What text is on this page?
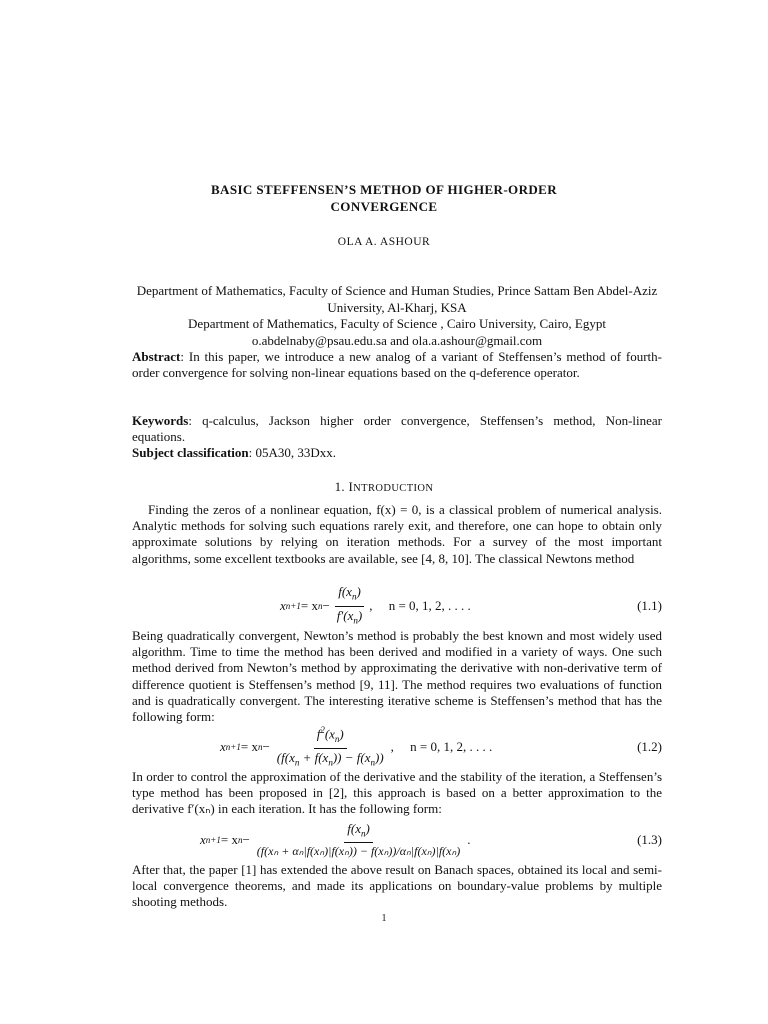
BASIC STEFFENSEN’S METHOD OF HIGHER-ORDER
CONVERGENCE
OLA A. ASHOUR
Department of Mathematics, Faculty of Science and Human Studies, Prince Sattam Ben Abdel-Aziz University, Al-Kharj, KSA
Department of Mathematics, Faculty of Science , Cairo University, Cairo, Egypt
o.abdelnaby@psau.edu.sa and ola.a.ashour@gmail.com

Abstract: In this paper, we introduce a new analog of a variant of Steffensen’s method of fourth-order convergence for solving non-linear equations based on the q-deference operator.

Keywords: q-calculus, Jackson higher order convergence, Steffensen’s method, Non-linear equations.

Subject classification: 05A30, 33Dxx.

1. INTRODUCTION

Finding the zeros of a nonlinear equation, f(x) = 0, is a classical problem of numerical analysis. Analytic methods for solving such equations rarely exit, and therefore, one can hope to obtain only approximate solutions by relying on iteration methods. For a survey of the most important algorithms, some excellent textbooks are available, see [4, 8, 10]. The classical Newtons method

x n+1 = x $n - \frac{f(x_n)}{f'(x_n)}$ ,     n = 0, 1, 2, . . . .	(1.1)

Being quadratically convergent, Newton’s method is probably the best known and most widely used algorithm. Time to time the method has been derived and modified in a variety of ways. One such method derived from Newton’s method by approximating the derivative with non-derivative term of difference quotient is Steffensen’s method [9, 11]. The method requires two evaluations of function and is quadratically convergent. The interesting iterative scheme is Steffensen’s method that has the following form:

x n+1 = x $n - \frac{f^2(x_n)}{(f(x_n + f(x_n)) - f(x_n))}$ ,     n = 0, 1, 2, . . . .	(1.2)

In order to control the approximation of the derivative and the stability of the iteration, a Steffensen’s type method has been proposed in [2], this approach is based on a better approximation to the derivative f′(xₙ) in each iteration. It has the following form:

x n+1 = x $n - \frac{f(x_n)}{\text{(f(xₙ + αₙ|f(xₙ)|f(xₙ)) − f(xₙ))/αₙ|f(xₙ)|f(xₙ)}}$ .	(1.3)

After that, the paper [1] has extended the above result on Banach spaces, obtained its local and semi-local convergence theorems, and made its applications on boundary-value problems by multiple shooting methods.

1
